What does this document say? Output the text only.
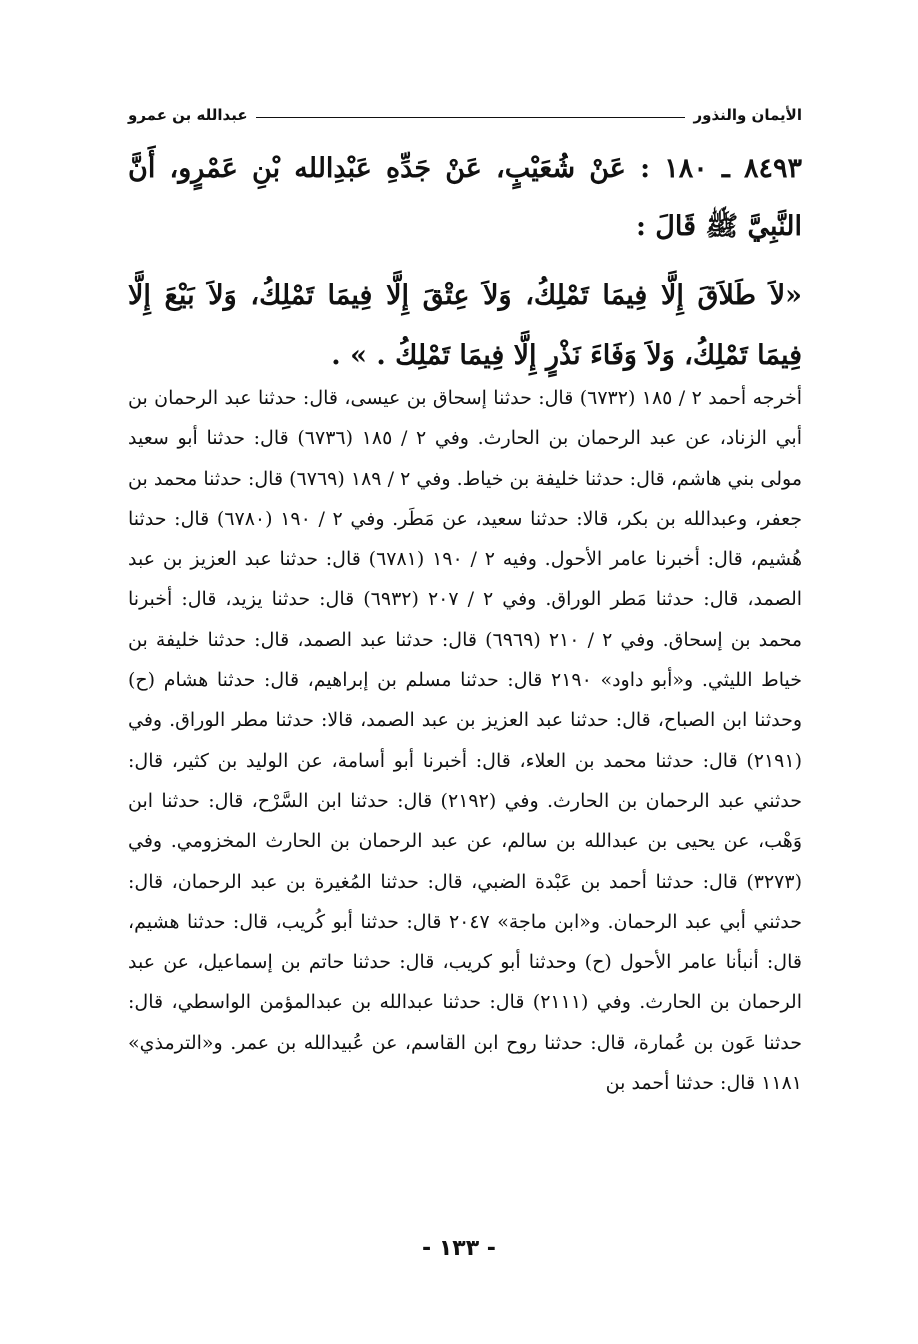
الأيمان والنذور
عبدالله بن عمرو

٨٤٩٣ ـ ١٨٠ : عَنْ شُعَيْبٍ، عَنْ جَدِّهِ عَبْدِالله بْنِ عَمْرٍو، أَنَّ النَّبِيَّ ﷺ قَالَ :

«لاَ طَلاَقَ إِلَّا فِيمَا تَمْلِكُ، وَلاَ عِتْقَ إِلَّا فِيمَا تَمْلِكُ، وَلاَ بَيْعَ إِلَّا فِيمَا تَمْلِكُ، وَلاَ وَفَاءَ نَذْرٍ إِلَّا فِيمَا تَمْلِكُ . » .

أخرجه أحمد ٢ / ١٨٥ (٦٧٣٢) قال: حدثنا إسحاق بن عيسى، قال: حدثنا عبد الرحمان بن أبي الزناد، عن عبد الرحمان بن الحارث. وفي ٢ / ١٨٥ (٦٧٣٦) قال: حدثنا أبو سعيد مولى بني هاشم، قال: حدثنا خليفة بن خياط. وفي ٢ / ١٨٩ (٦٧٦٩) قال: حدثنا محمد بن جعفر، وعبدالله بن بكر، قالا: حدثنا سعيد، عن مَطَر. وفي ٢ / ١٩٠ (٦٧٨٠) قال: حدثنا هُشيم، قال: أخبرنا عامر الأحول. وفيه ٢ / ١٩٠ (٦٧٨١) قال: حدثنا عبد العزيز بن عبد الصمد، قال: حدثنا مَطر الوراق. وفي ٢ / ٢٠٧ (٦٩٣٢) قال: حدثنا يزيد، قال: أخبرنا محمد بن إسحاق. وفي ٢ / ٢١٠ (٦٩٦٩) قال: حدثنا عبد الصمد، قال: حدثنا خليفة بن خياط الليثي. و«أبو داود» ٢١٩٠ قال: حدثنا مسلم بن إبراهيم، قال: حدثنا هشام (ح) وحدثنا ابن الصباح، قال: حدثنا عبد العزيز بن عبد الصمد، قالا: حدثنا مطر الوراق. وفي (٢١٩١) قال: حدثنا محمد بن العلاء، قال: أخبرنا أبو أسامة، عن الوليد بن كثير، قال: حدثني عبد الرحمان بن الحارث. وفي (٢١٩٢) قال: حدثنا ابن السَّرْح، قال: حدثنا ابن وَهْب، عن يحيى بن عبدالله بن سالم، عن عبد الرحمان بن الحارث المخزومي. وفي (٣٢٧٣) قال: حدثنا أحمد بن عَبْدة الضبي، قال: حدثنا المُغيرة بن عبد الرحمان، قال: حدثني أبي عبد الرحمان. و«ابن ماجة» ٢٠٤٧ قال: حدثنا أبو كُريب، قال: حدثنا هشيم، قال: أنبأنا عامر الأحول (ح) وحدثنا أبو كريب، قال: حدثنا حاتم بن إسماعيل، عن عبد الرحمان بن الحارث. وفي (٢١١١) قال: حدثنا عبدالله بن عبدالمؤمن الواسطي، قال: حدثنا عَون بن عُمارة، قال: حدثنا روح ابن القاسم، عن عُبيدالله بن عمر. و«الترمذي» ١١٨١ قال: حدثنا أحمد بن

- ١٣٣ -
